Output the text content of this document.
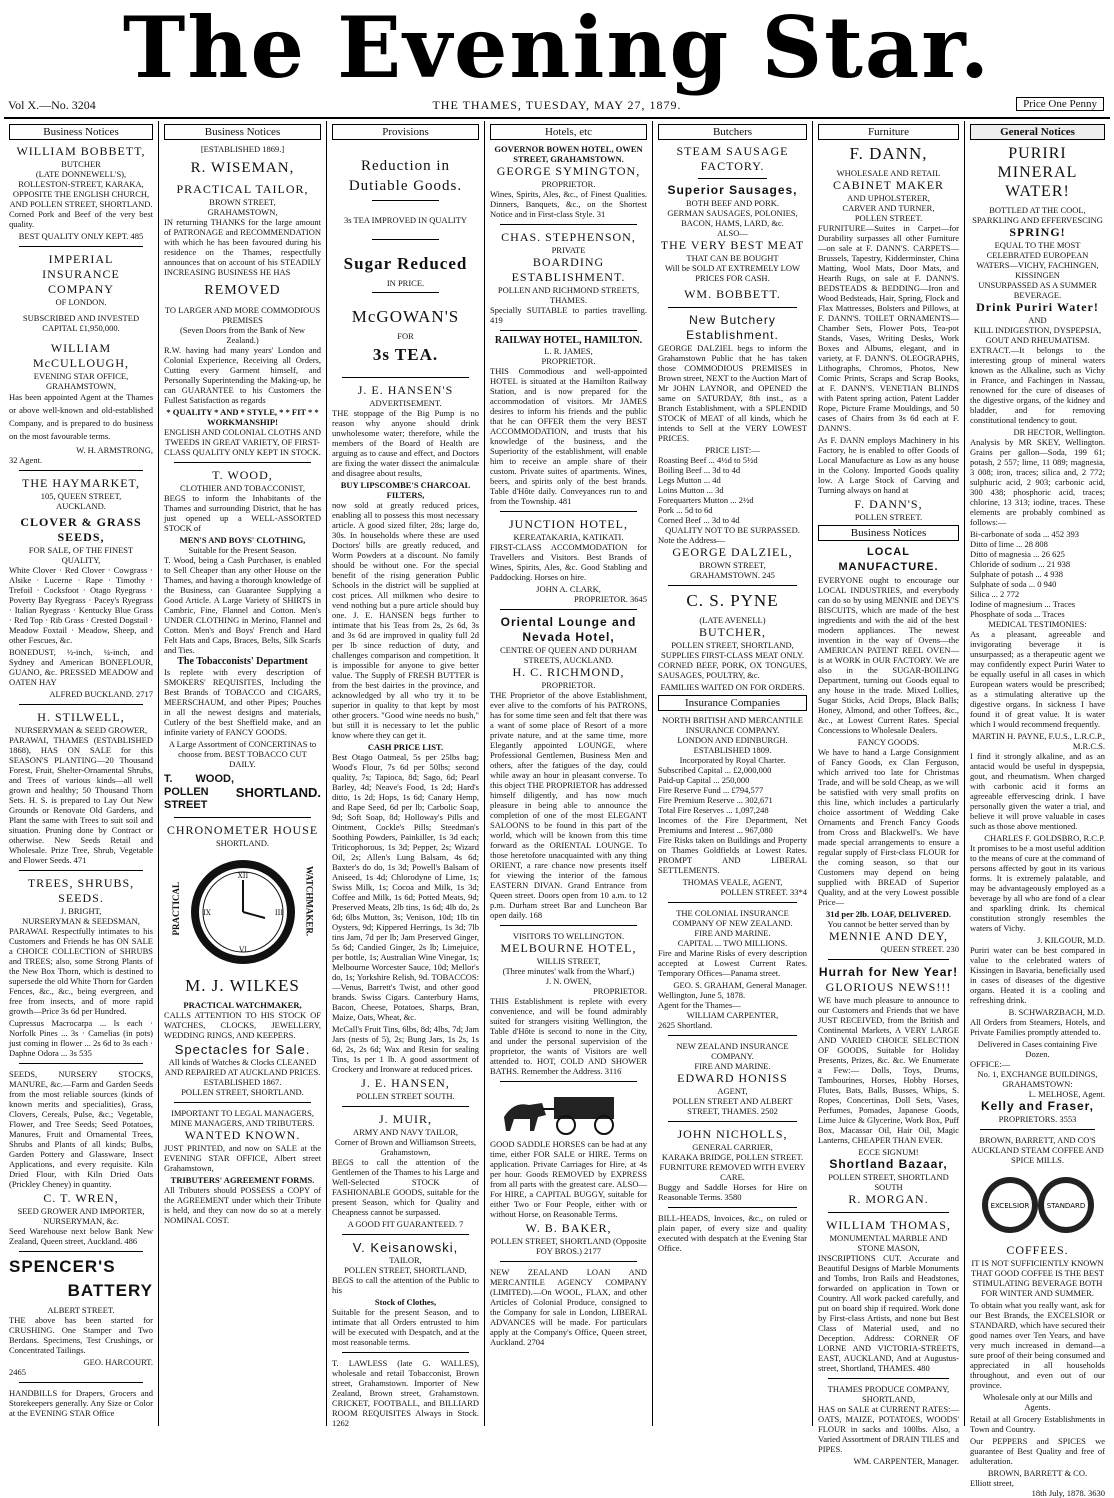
The Evening Star.
Vol X.—No. 3204	THE THAMES, TUESDAY, MAY 27, 1879.	Price One Penny
Business Notices
WILLIAM BOBBETT,
BUTCHER
(LATE DONNEWELL'S),
ROLLESTON-STREET, KARAKA, OPPOSITE THE ENGLISH CHURCH, AND POLLEN STREET, SHORTLAND.

Corned Pork and Beef of the very best quality.

BEST QUALITY ONLY KEPT. 485
IMPERIAL
INSURANCE COMPANY
OF LONDON.
SUBSCRIBED AND INVESTED
CAPITAL £1,950,000.
WILLIAM McCULLOUGH,
EVENING STAR OFFICE,
GRAHAMSTOWN,

Has been appointed Agent at the Thames or above well-known and old-established Company, and is prepared to do business on the most favourable terms.

W. H. ARMSTRONG,
32 Agent.
THE HAYMARKET,
105, QUEEN STREET,
AUCKLAND.
CLOVER & GRASS SEEDS,
FOR SALE, OF THE FINEST QUALITY,

White Clover · Red Clover · Cowgrass · Alsike · Lucerne · Rape · Timothy · Trefoil · Cocksfoot · Otago Ryegrass · Poverty Bay Ryegrass · Pacey's Ryegrass · Italian Ryegrass · Kentucky Blue Grass · Red Top · Rib Grass · Crested Dogstail · Meadow Foxtail · Meadow, Sheep, and other Fescues, &c.

BONEDUST, ½-inch, ¼-inch, and Sydney and American BONEFLOUR, GUANO, &c. PRESSED MEADOW and OATEN HAY

ALFRED BUCKLAND. 2717
H. STILWELL,
NURSERYMAN & SEED GROWER,

PARAWAI, THAMES (ESTABLISHED 1868), HAS ON SALE for this SEASON'S PLANTING—20 Thousand Forest, Fruit, Shelter-Ornamental Shrubs, and Trees of various kinds—all well grown and healthy; 50 Thousand Thorn Sets. H. S. is prepared to Lay Out New Grounds or Renovate Old Gardens, and Plant the same with Trees to suit soil and situation. Pruning done by Contract or otherwise. New Seeds Retail and Wholesale. Prize Tree, Shrub, Vegetable and Flower Seeds. 471

TREES, SHRUBS, SEEDS.
J. BRIGHT,
NURSERYMAN & SEEDSMAN,

PARAWAI. Respectfully intimates to his Customers and Friends he has ON SALE a CHOICE COLLECTION of SHRUBS and TREES; also, some Strong Plants of the New Box Thorn, which is destined to supersede the old White Thorn for Garden Fences, &c., &c., being evergreen, and free from insects, and of more rapid growth—Price 3s 6d per Hundred.

Cupressus Macrocarpa ... ls each · Norfolk Pines ... 3s · Camelias (in pots) just coming in flower ... 2s 6d to 3s each · Daphne Odora ... 3s 535

SEEDS, NURSERY STOCKS, MANURE, &c.—Farm and Garden Seeds from the most reliable sources (kinds of known merits and specialities), Grass, Clovers, Cereals, Pulse, &c.; Vegetable, Flower, and Tree Seeds; Seed Potatoes, Manures, Fruit and Ornamental Trees, Shrubs and Plants of all kinds; Bulbs, Garden Pottery and Glassware, Insect Applications, and every requisite. Kiln Dried Flour, with Kiln Dried Oats (Prickley Cheney) in quantity.

C. T. WREN,
SEED GROWER AND IMPORTER, NURSERYMAN, &c.

Seed Warehouse next below Bank New Zealand, Queen street, Auckland. 486

SPENCER'S
BATTERY
ALBERT STREET.

THE above has been started for CRUSHING. One Stamper and Two Berdans. Specimens, Test Crushings, or Concentrated Tailings.

GEO. HARCOURT.
2465

HANDBILLS for Drapers, Grocers and Storekeepers generally. Any Size or Color at the EVENING STAR Office

Business Notices
[ESTABLISHED 1869.]
R. WISEMAN,
PRACTICAL TAILOR,
BROWN STREET,
GRAHAMSTOWN,

IN returning THANKS for the large amount of PATRONAGE and RECOMMENDATION with which he has been favoured during his residence on the Thames, respectfully announces that on account of his STEADILY INCREASING BUSINESS HE HAS

REMOVED
TO LARGER AND MORE COMMODIOUS PREMISES
(Seven Doors from the Bank of New Zealand.)

R.W. having had many years' London and Colonial Experience, Receiving all Orders, Cutting every Garment himself, and Personally Superintending the Making-up, he can GUARANTEE to his Customers the Fullest Satisfaction as regards

* QUALITY * AND * STYLE, * * FIT * * WORKMANSHIP!
ENGLISH AND COLONIAL CLOTHS AND TWEEDS IN GREAT VARIETY, OF FIRST-CLASS QUALITY ONLY KEPT IN STOCK.
T. WOOD,
CLOTHIER AND TOBACCONIST,

BEGS to inform the Inhabitants of the Thames and surrounding District, that he has just opened up a WELL-ASSORTED STOCK of

MEN'S AND BOYS' CLOTHING,
Suitable for the Present Season.

T. Wood, being a Cash Purchaser, is enabled to Sell Cheaper than any other House on the Thames, and having a thorough knowledge of the Business, can Guarantee Supplying a Good Article. A Large Variety of SHIRTS in Cambric, Fine, Flannel and Cotton. Men's UNDER CLOTHING in Merino, Flannel and Cotton. Men's and Boys' French and Hard Felt Hats and Caps, Braces, Belts, Silk Scarfs and Ties.

The Tobacconists' Department

Is replete with every description of SMOKERS' REQUISITES, Including the Best Brands of TOBACCO and CIGARS, MEERSCHAUM, and other Pipes; Pouches in all the newest designs and materials, Cutlery of the best Sheffield make, and an infinite variety of FANCY GOODS.

A Large Assortment of CONCERTINAS to choose from. BEST TOBACCO CUT DAILY.

T. WOOD, POLLEN STREET
SHORTLAND.
CHRONOMETER HOUSE
SHORTLAND.
XII
III
VI
IX
PRACTICAL	WATCHMAKER.
M. J. WILKES
PRACTICAL WATCHMAKER,

CALLS ATTENTION TO HIS STOCK OF WATCHES, CLOCKS, JEWELLERY, WEDDING RINGS, AND KEEPERS.

Spectacles for Sale.
All kinds of Watches & Clocks CLEANED AND REPAIRED AT AUCKLAND PRICES.
ESTABLISHED 1867.
POLLEN STREET, SHORTLAND.
IMPORTANT TO LEGAL MANAGERS, MINE MANAGERS, AND TRIBUTERS.
WANTED KNOWN.

JUST PRINTED, and now on SALE at the EVENING STAR OFFICE, Albert street Grahamstown,

TRIBUTERS' AGREEMENT FORMS.

All Tributers should POSSESS a COPY of the AGREEMENT under which their Tribute is held, and they can now do so at a merely NOMINAL COST.

Provisions
Reduction in Dutiable Goods.
3s TEA IMPROVED IN QUALITY
Sugar Reduced
IN PRICE.
McGOWAN'S
FOR
3s TEA.
J. E. HANSEN'S
ADVERTISEMENT.

THE stoppage of the Big Pump is no reason why anyone should drink unwholesome water; therefore, while the members of the Board of Health are arguing as to cause and effect, and Doctors are fixing the water dissect the animalculæ and disagree about results,

BUY LIPSCOMBE'S CHARCOAL FILTERS,

now sold at greatly reduced prices, enabling all to possess this most necessary article. A good sized filter, 28s; large do, 30s. In households where these are used Doctors' bills are greatly reduced, and Worm Powders at a discount. No family should be without one. For the special benefit of the rising generation Public Schools in the district will be supplied at cost prices. All milkmen who desire to vend nothing but a pure article should buy one. J. E. HANSEN begs further to intimate that his Teas from 2s, 2s 6d, 3s and 3s 6d are improved in quality full 2d per lb since reduction of duty, and challenges comparison and competition. It is impossible for anyone to give better value. The Supply of FRESH BUTTER is from the best dairies in the province, and acknowledged by all who try it to be superior in quality to that kept by most other grocers. "Good wine needs no bush," but still it is necessary to let the public know where they can get it.

CASH PRICE LIST.

Best Otago Oatmeal, 5s per 25lbs bag; Wood's Flour, 7s 6d per 50lbs; second quality, 7s; Tapioca, 8d; Sago, 6d; Pearl Barley, 4d; Neave's Food, 1s 2d; Hard's ditto, 1s 2d; Hops, 1s 6d; Canary Hemp, and Rape Seed, 6d per lb; Carbolic Soap, 9d; Soft Soap, 8d; Holloway's Pills and Ointment, Cockle's Pills; Steedman's Soothing Powders, Painkiller, 1s 3d each; Triticophorous, 1s 3d; Pepper, 2s; Wizard Oil, 2s; Allen's Lung Balsam, 4s 6d; Baxter's do do, 1s 3d; Powell's Balsam of Aniseed, 1s 4d; Chlorodyne of Lime, 1s; Swiss Milk, 1s; Cocoa and Milk, 1s 3d; Coffee and Milk, 1s 6d; Potted Meats, 9d; Preserved Meats, 2lb tins, 1s 6d; 4lb do, 2s 6d; 6lbs Mutton, 3s; Venison, 10d; 1lb tin Oysters, 9d; Kippered Herrings, 1s 3d; 7lb tins Jam, 7d per lb; Jam Preserved Ginger, 5s 6d; Candied Ginger, 2s lb; Limejuice, per bottle, 1s; Australian Wine Vinegar, 1s; Melbourne Worcester Sauce, 10d; Mellor's do, 1s; Yorkshire Relish, 9d. TOBACCOS:—Venus, Barrett's Twist, and other good brands. Swiss Cigars. Canterbury Hams, Bacon, Cheese, Potatoes, Sharps, Bran, Maize, Oats, Wheat, &c.

McCall's Fruit Tins, 6lbs, 8d; 4lbs, 7d; Jam Jars (nests of 5), 2s; Bung Jars, 1s 2s, 1s 6d, 2s, 2s 6d; Wax and Resin for sealing Tins, 1s per 1 lb. A good assortment of Crockery and Ironware at reduced prices.

J. E. HANSEN,
POLLEN STREET SOUTH.
J. MUIR,
ARMY AND NAVY TAILOR,
Corner of Brown and Williamson Streets, Grahamstown,

BEGS to call the attention of the Gentlemen of the Thames to his Large and Well-Selected STOCK of FASHIONABLE GOODS, suitable for the present Season, which for Quality and Cheapness cannot be surpassed.

A GOOD FIT GUARANTEED. 7
V. Keisanowski,
TAILOR,
POLLEN STREET, SHORTLAND,

BEGS to call the attention of the Public to his

Stock of Clothes,

Suitable for the present Season, and to intimate that all Orders entrusted to him will be executed with Despatch, and at the most reasonable terms.

T. LAWLESS (late G. WALLES), wholesale and retail Tobacconist, Brown street, Grahamstown. Importer of New Zealand, Brown street, Grahamstown. CRICKET, FOOTBALL, and BILLIARD ROOM REQUISITES Always in Stock. 1262

Hotels, etc
GOVERNOR BOWEN HOTEL, OWEN STREET, GRAHAMSTOWN.
GEORGE SYMINGTON,
PROPRIETOR.

Wines, Spirits, Ales, &c., of Finest Qualities. Dinners, Banquets, &c., on the Shortest Notice and in First-class Style. 31

CHAS. STEPHENSON,
PRIVATE
BOARDING ESTABLISHMENT.
POLLEN AND RICHMOND STREETS, THAMES.

Specially SUITABLE to parties travelling. 419

RAILWAY HOTEL, HAMILTON.
L. R. JAMES,
PROPRIETOR.

THIS Commodious and well-appointed HOTEL is situated at the Hamilton Railway Station, and is now prepared for the accommodation of visitors. Mr JAMES desires to inform his friends and the public that he can OFFER them the very BEST ACCOMMODATION, and trusts that his knowledge of the business, and the Superiority of the establishment, will enable him to receive an ample share of their custom. Private suites of apartments. Wines, beers, and spirits only of the best brands. Table d'Hôte daily. Conveyances run to and from the Township. 481

JUNCTION HOTEL,
KEREATAKARIA, KATIKATI.

FIRST-CLASS ACCOMMODATION for Travellers and Visitors. Best Brands of Wines, Spirits, Ales, &c. Good Stabling and Paddocking. Horses on hire.

JOHN A. CLARK,
PROPRIETOR. 3645
Oriental Lounge and Nevada Hotel,
CENTRE OF QUEEN AND DURHAM STREETS, AUCKLAND.
H. C. RICHMOND,
PROPRIETOR.

THE Proprietor of the above Establishment, ever alive to the comforts of his PATRONS, has for some time seen and felt that there was a want of some place of Resort of a more private nature, and at the same time, more Elegantly appointed LOUNGE, where Professional Gentlemen, Business Men and others, after the fatigues of the day, could while away an hour in pleasant converse. To this object THE PROPRIETOR has addressed himself diligently, and has now much pleasure in being able to announce the completion of one of the most ELEGANT SALOONS to be found in this part of the world, which will be known from this time forward as the ORIENTAL LOUNGE. To those heretofore unacquainted with any thing ORIENT, a rare chance now presents itself for viewing the interior of the famous EASTERN DIVAN. Grand Entrance from Queen street. Doors open from 10 a.m. to 12 p.m. Durham street Bar and Luncheon Bar open daily. 168

VISITORS TO WELLINGTON.
MELBOURNE HOTEL,
WILLIS STREET,
(Three minutes' walk from the Wharf,)
J. N. OWEN,
PROPRIETOR.

THIS Establishment is replete with every convenience, and will be found admirably suited for strangers visiting Wellington, the Table d'Hôte is second to none in the City, and under the personal supervision of the proprietor, the wants of Visitors are well attended to. HOT, COLD AND SHOWER BATHS. Remember the Address. 3116

GOOD SADDLE HORSES can be had at any time, either FOR SALE or HIRE. Terms on application. Private Carriages for Hire, at 4s per hour. Goods REMOVED by EXPRESS from all parts with the greatest care. ALSO— For HIRE, a CAPITAL BUGGY, suitable for either Two or Four People, either with or without Horse, on Reasonable Terms.

W. B. BAKER,
POLLEN STREET, SHORTLAND (Opposite FOY BROS.) 2177

NEW ZEALAND LOAN AND MERCANTILE AGENCY COMPANY (LIMITED).—On WOOL, FLAX, and other Articles of Colonial Produce, consigned to the Company for sale in London, LIBERAL ADVANCES will be made. For particulars apply at the Company's Office, Queen street, Auckland. 2704

Butchers
STEAM SAUSAGE FACTORY.
Superior Sausages,
BOTH BEEF AND PORK.
GERMAN SAUSAGES, POLONIES, BACON, HAMS, LARD, &c.
ALSO—
THE VERY BEST MEAT
THAT CAN BE BOUGHT
Will be SOLD AT EXTREMELY LOW PRICES FOR CASH.
WM. BOBBETT.
New Butchery Establishment.

GEORGE DALZIEL begs to inform the Grahamstown Public that he has taken those COMMODIOUS PREMISES in Brown street, NEXT to the Auction Mart of Mr JOHN LAYNOR, and OPENED the same on SATURDAY, 8th inst., as a Branch Establishment, with a SPLENDID STOCK of MEAT of all kinds, which he intends to Sell at the VERY LOWEST PRICES.

PRICE LIST:—
Roasting Beef ... 4½d to 5½d
Boiling Beef ... 3d to 4d
Legs Mutton ... 4d
Loins Mutton ... 3d
Forequarters Mutton ... 2½d
Pork ... 5d to 6d
Corned Beef ... 3d to 4d
QUALITY NOT TO BE SURPASSED.
Note the Address—
GEORGE DALZIEL,
BROWN STREET,
GRAHAMSTOWN. 245
C. S. PYNE
(LATE AVENELL)
BUTCHER,
POLLEN STREET, SHORTLAND,
SUPPLIES FIRST-CLASS MEAT ONLY.

CORNED BEEF, PORK, OX TONGUES, SAUSAGES, POULTRY, &c.

FAMILIES WAITED ON FOR ORDERS.
Insurance Companies
NORTH BRITISH AND MERCANTILE INSURANCE COMPANY.
LONDON AND EDINBURGH.
ESTABLISHED 1809.
Incorporated by Royal Charter.
Subscribed Capital ... £2,000,000
Paid-up Capital ... 250,000
Fire Reserve Fund ... £794,577
Fire Premium Reserve ... 302,671
Total Fire Reserves ... 1,097,248
Incomes of the Fire Department, Net Premiums and Interest ... 967,080

Fire Risks taken on Buildings and Property on Thames Goldfields at Lowest Rates. PROMPT AND LIBERAL SETTLEMENTS.

THOMAS VEALE, AGENT,
POLLEN STREET. 33*4
THE COLONIAL INSURANCE COMPANY OF NEW ZEALAND.
FIRE AND MARINE.
CAPITAL ... TWO MILLIONS.

Fire and Marine Risks of every description accepted at Lowest Current Rates. Temporary Offices—Panama street.

GEO. S. GRAHAM, General Manager.
Wellington, June 5, 1878.
Agent for the Thames—
WILLIAM CARPENTER,
2625 Shortland.
NEW ZEALAND INSURANCE COMPANY.
FIRE AND MARINE.
EDWARD HONISS
AGENT,
POLLEN STREET AND ALBERT STREET, THAMES. 2502
JOHN NICHOLLS,
GENERAL CARRIER,
KARAKA BRIDGE, POLLEN STREET.
FURNITURE REMOVED WITH EVERY CARE.

Buggy and Saddle Horses for Hire on Reasonable Terms. 3580

BILL-HEADS, Invoices, &c., on ruled or plain paper, of every size and quality executed with despatch at the Evening Star Office.

Furniture
F. DANN,
WHOLESALE AND RETAIL
CABINET MAKER
AND UPHOLSTERER,
CARVER AND TURNER,
POLLEN STREET.

FURNITURE—Suites in Carpet—for Durability surpasses all other Furniture—on sale at F. DANN'S. CARPETS—Brussels, Tapestry, Kidderminster, China Matting, Wool Mats, Door Mats, and Hearth Rugs, on sale at F. DANN'S. BEDSTEADS & BEDDING—Iron and Wood Bedsteads, Hair, Spring, Flock and Flax Mattresses, Bolsters and Pillows, at F. DANN'S. TOILET ORNAMENTS—Chamber Sets, Flower Pots, Tea-pot Stands, Vases, Writing Desks, Work Boxes and Albums, elegant, and in variety, at F. DANN'S. OLEOGRAPHS, Lithographs, Chromos, Photos, New Comic Prints, Scraps and Scrap Books, at F. DANN'S. VENETIAN BLINDS with Patent spring action, Patent Ladder Rope, Picture Frame Mouldings, and 50 cases of Chairs from 3s 6d each at F. DANN'S.

As F. DANN employs Machinery in his Factory, he is enabled to offer Goods of Local Manufacture as Low as any house in the Colony. Imported Goods quality low. A Large Stock of Carving and Turning always on hand at

F. DANN'S,
POLLEN STREET.
Business Notices
LOCAL MANUFACTURE.

EVERYONE ought to encourage our LOCAL INDUSTRIES, and everybody can do so by using MENNIE and DEY'S BISCUITS, which are made of the best ingredients and with the aid of the best modern appliances. The newest invention in the way of Ovens—the AMERICAN PATENT REEL OVEN—is at WORK in OUR FACTORY. We are also in the SUGAR-BOILING Department, turning out Goods equal to any house in the trade. Mixed Lollies, Sugar Sticks, Acid Drops, Black Balls; Honey, Almond, and other Toffees, &c., &c., at Lowest Current Rates. Special Concessions to Wholesale Dealers.

FANCY GOODS.

We have to hand a Large Consignment of Fancy Goods, ex Clan Ferguson, which arrived too late for Christmas Trade, and will be sold Cheap, as we will be satisfied with very small profits on this line, which includes a particularly choice assortment of Wedding Cake Ornaments and French Fancy Goods from Cross and Blackwell's. We have made special arrangements to ensure a regular supply of First-class FLOUR for the coming season, so that our Customers may depend on being supplied with BREAD of Superior Quality, and at the very Lowest possible Price—

31d per 2lb. LOAF, DELIVERED.
You cannot be better served than by
MENNIE AND DEY,
QUEEN STREET. 230
Hurrah for New Year!
GLORIOUS NEWS!!!

WE have much pleasure to announce to our Customers and Friends that we have JUST RECEIVED, from the British and Continental Markets, A VERY LARGE AND VARIED CHOICE SELECTION OF GOODS, Suitable for Holiday Presents, Prizes, &c. &c. We Enumerate a Few:— Dolls, Toys, Drums, Tambourines, Horses, Hobby Horses, Flutes, Bats, Balls, Busses, Whips, S. Ropes, Concertinas, Doll Sets, Vases, Perfumes, Pomades, Japanese Goods, Lime Juice & Glycerine, Work Box, Puff Box, Macassar Oil, Hair Oil, Magic Lanterns, CHEAPER THAN EVER.

ECCE SIGNUM!
Shortland Bazaar,
POLLEN STREET, SHORTLAND SOUTH
R. MORGAN.
WILLIAM THOMAS,
MONUMENTAL MARBLE AND STONE MASON,

INSCRIPTIONS CUT. Accurate and Beautiful Designs of Marble Monuments and Tombs, Iron Rails and Headstones, forwarded on application in Town or Country. All work packed carefully, and put on board ship if required. Work done by First-class Artists, and none but Best Class of Material used, and no Deception. Address: CORNER OF LORNE AND VICTORIA-STREETS, EAST, AUCKLAND, And at Augustus-street, Shortland, THAMES. 480

THAMES PRODUCE COMPANY, SHORTLAND,

HAS on SALE at CURRENT RATES:— OATS, MAIZE, POTATOES, WOODS' FLOUR in sacks and 100lbs. Also, a Varied Assortment of DRAIN TILES and PIPES.

WM. CARPENTER, Manager.
General Notices
PURIRI MINERAL WATER!
BOTTLED AT THE COOL, SPARKLING AND EFFERVESCING
SPRING!
EQUAL TO THE MOST CELEBRATED EUROPEAN WATERS—VICHY, FACHINGEN, KISSINGEN
UNSURPASSED AS A SUMMER BEVERAGE.
Drink Puriri Water!
AND
KILL INDIGESTION, DYSPEPSIA, GOUT AND RHEUMATISM.

EXTRACT.—It belongs to the interesting group of mineral waters known as the Alkaline, such as Vichy in France, and Fachingen in Nassau, renowned for the cure of diseases of the digestive organs, of the kidney and bladder, and for removing constitutional tendency to gout.

DR HECTOR, Wellington.

Analysis by MR SKEY, Wellington. Grains per gallon—Soda, 199 61; potash, 2 557; lime, 11 089; magnesia, 3 008; iron, traces; silica and, 2 772; sulphuric acid, 2 903; carbonic acid, 300 438; phosphoric acid, traces; chlorine, 13 313; iodine, traces. These elements are probably combined as follows:—

Bi-carbonate of soda ... 452 393
Ditto of lime ... 28 808
Ditto of magnesia ... 26 625
Chloride of sodium ... 21 938
Sulphate of potash ... 4 938
Sulphate of soda ... 0 940
Silica ... 2 772
Iodine of magnesium ... Traces
Phosphate of soda ... Traces
MEDICAL TESTIMONIES:

As a pleasant, agreeable and invigorating beverage it is unsurpassed; as a therapeutic agent we may confidently expect Puriri Water to be equally useful in all cases in which European waters would be prescribed; as a stimulating alterative up the digestive organs. In sickness I have found it of great value. It is water which I would recommend frequently.

MARTIN H. PAYNE, F.U.S., L.R.C.P., M.R.C.S.

I find it strongly alkaline, and as an antacid would be useful in dyspepsia, gout, and rheumatism. When charged with carbonic acid it forms an agreeable effervescing drink. I have personally given the water a trial, and believe it will prove valuable in cases such as those above mentioned.

CHARLES F. GOLDSBRO, R.C.P.

It promises to be a most useful addition to the means of cure at the command of persons affected by gout in its various forms. It is extremely palatable, and may be advantageously employed as a beverage by all who are fond of a clear and sparkling drink. Its chemical constitution strongly resembles the waters of Vichy.

J. KILGOUR, M.D.

Puriri water can be best compared in value to the celebrated waters of Kissingen in Bavaria, beneficially used in cases of diseases of the digestive organs. Heated it is a cooling and refreshing drink.

B. SCHWARZBACH, M.D.

All Orders from Steamers, Hotels, and Private Families promptly attended to.

Delivered in Cases containing Five Dozen.
OFFICE:—
No. 1, EXCHANGE BUILDINGS, GRAHAMSTOWN:
L. MELHOSE, Agent.
Kelly and Fraser,
PROPRIETORS. 3553

BROWN, BARRETT, AND CO'S AUCKLAND STEAM COFFEE AND SPICE MILLS.

EXCELSIOR STANDARD
COFFEES.

IT IS NOT SUFFICIENTLY KNOWN THAT GOOD COFFEE IS THE BEST STIMULATING BEVERAGE BOTH FOR WINTER AND SUMMER.

To obtain what you really want, ask for our Best Brands, the EXCELSIOR or STANDARD, which have secured their good names over Ten Years, and have very much increased in demand—a sure proof of their being consumed and appreciated in all households throughout, and even out of our province.

Wholesale only at our Mills and Agents.

Retail at all Grocery Establishments in Town and Country.

Our PEPPERS and SPICES we guarantee of Best Quality and free of adulteration.

BROWN, BARRETT & CO.
Elliott street,
18th July, 1878. 3630
